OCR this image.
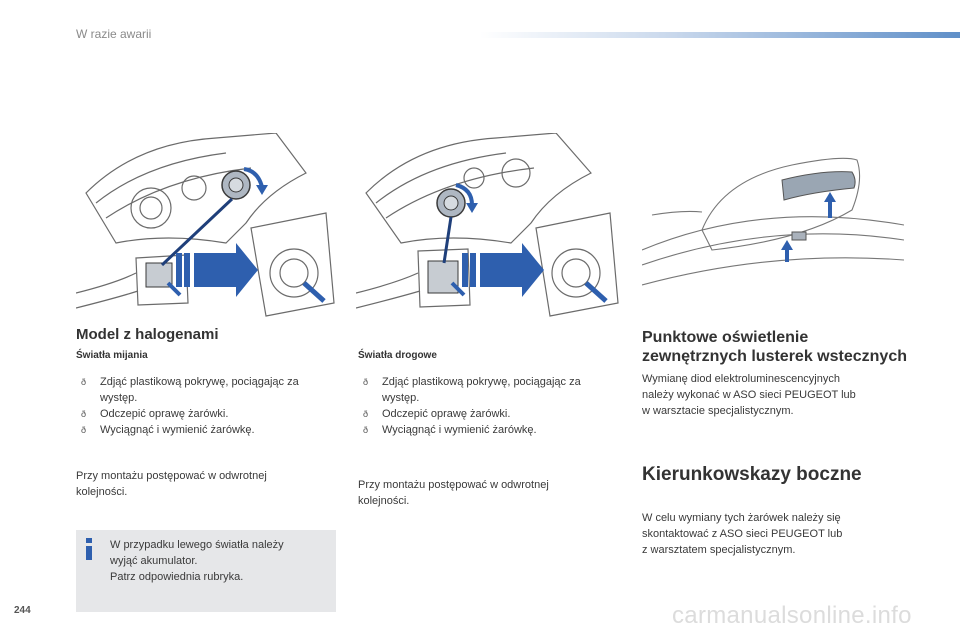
W razie awarii
Model z halogenami
Światła mijania
ð Zdjąć plastikową pokrywę, pociągając za występ.
ð Odczepić oprawę żarówki.
ð Wyciągnąć i wymienić żarówkę.
Przy montażu postępować w odwrotnej
kolejności.
W przypadku lewego światła należy
wyjąć akumulator.
Patrz odpowiednia rubryka.
Światła drogowe
ð Zdjąć plastikową pokrywę, pociągając za występ.
ð Odczepić oprawę żarówki.
ð Wyciągnąć i wymienić żarówkę.
Przy montażu postępować w odwrotnej
kolejności.
Punktowe oświetlenie zewnętrznych lusterek wstecznych
Wymianę diod elektroluminescencyjnych
należy wykonać w ASO sieci PEUGEOT lub
w warsztacie specjalistycznym.
Kierunkowskazy boczne
W celu wymiany tych żarówek należy się
skontaktować z ASO sieci PEUGEOT lub
z warsztatem specjalistycznym.
244	carmanualsonline.info
